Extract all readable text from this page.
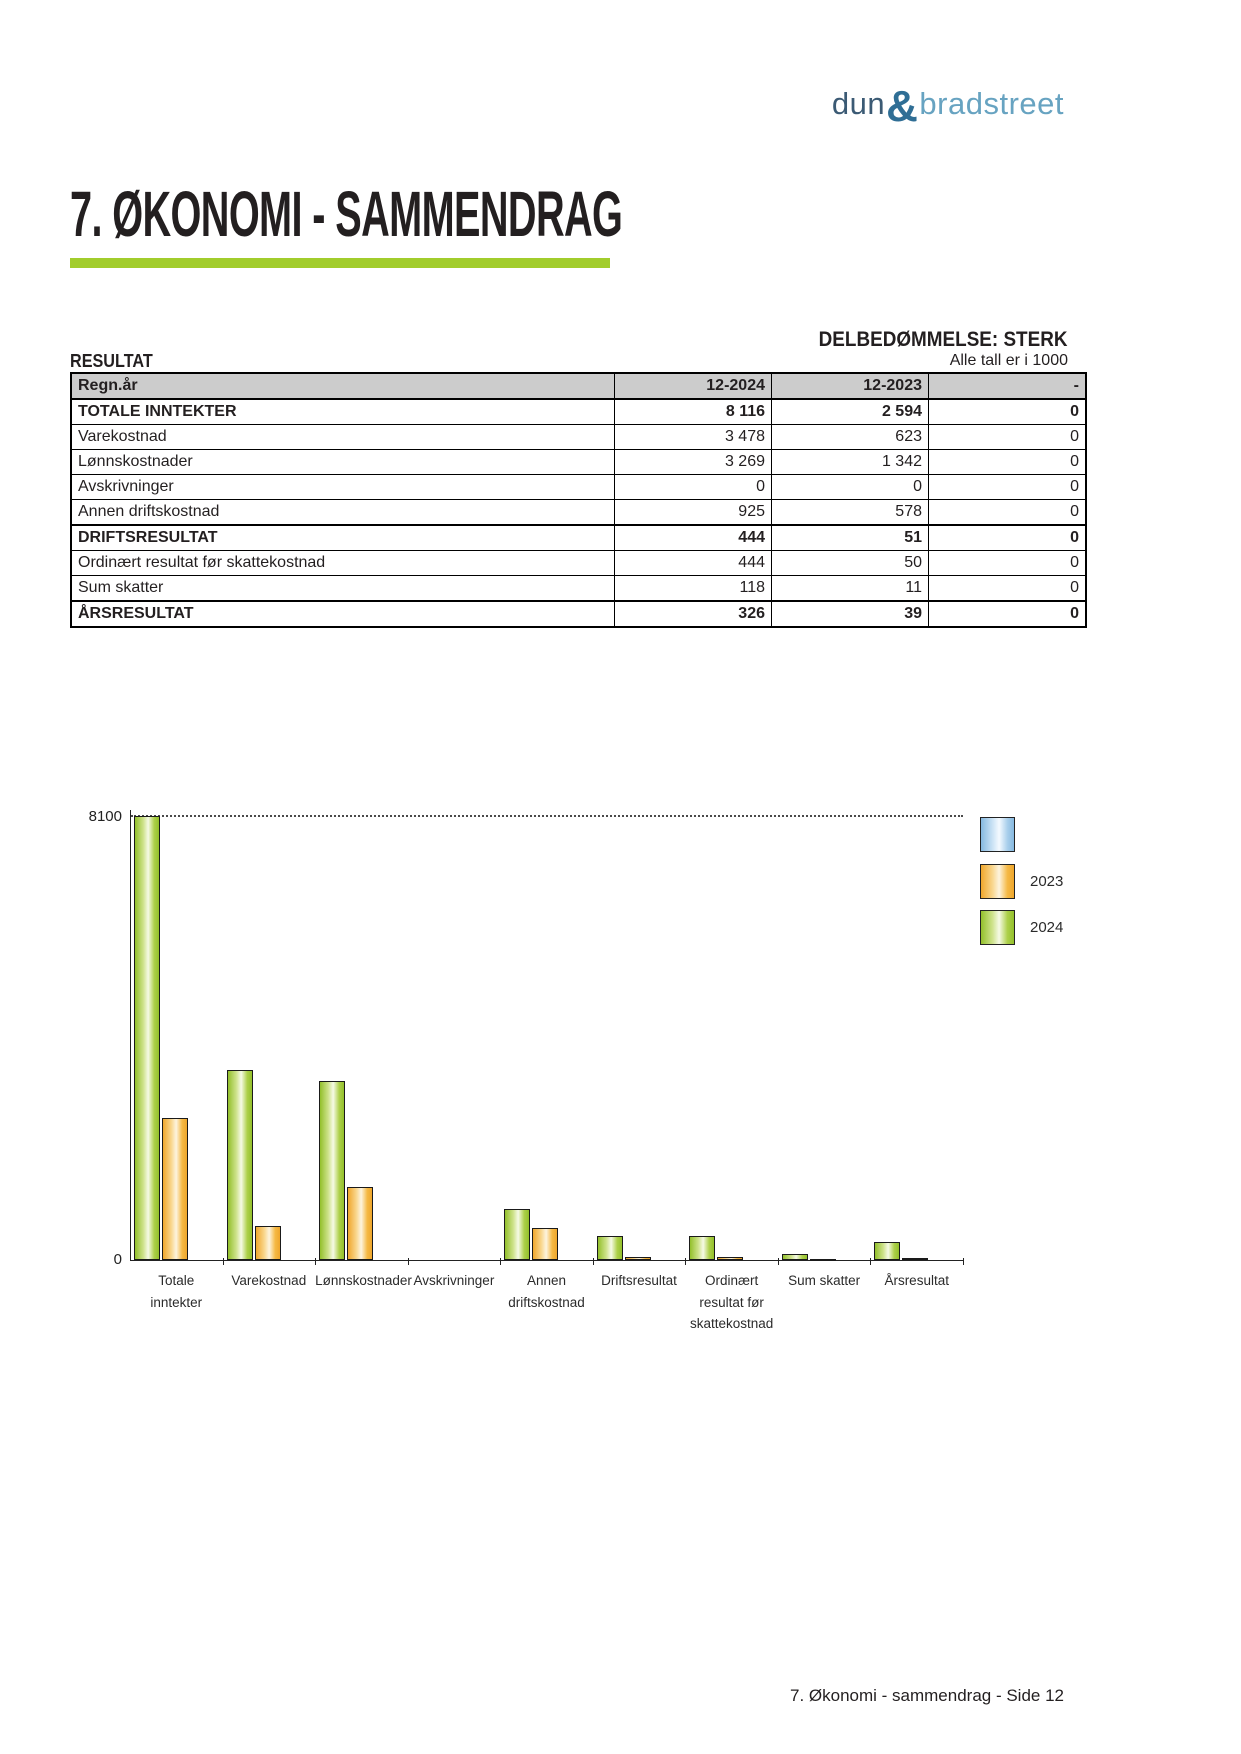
dun&bradstreet
7. ØKONOMI - SAMMENDRAG
DELBEDØMMELSE: STERK
RESULTAT	Alle tall er i 1000
Regn.år	12-2024	12-2023	-
TOTALE INNTEKTER	8 116	2 594	0
Varekostnad	3 478	623	0
Lønnskostnader	3 269	1 342	0
Avskrivninger	0	0	0
Annen driftskostnad	925	578	0
DRIFTSRESULTAT	444	51	0
Ordinært resultat før skattekostnad	444	50	0
Sum skatter	118	11	0
ÅRSRESULTAT	326	39	0
8100
0
Totale
inntekter
Varekostnad Lønnskostnader Avskrivninger	Annen
driftskostnad
Driftsresultat	Ordinært
resultat før
skattekostnad
Sum skatter	Årsresultat
2023
2024
7. Økonomi - sammendrag - Side 12
